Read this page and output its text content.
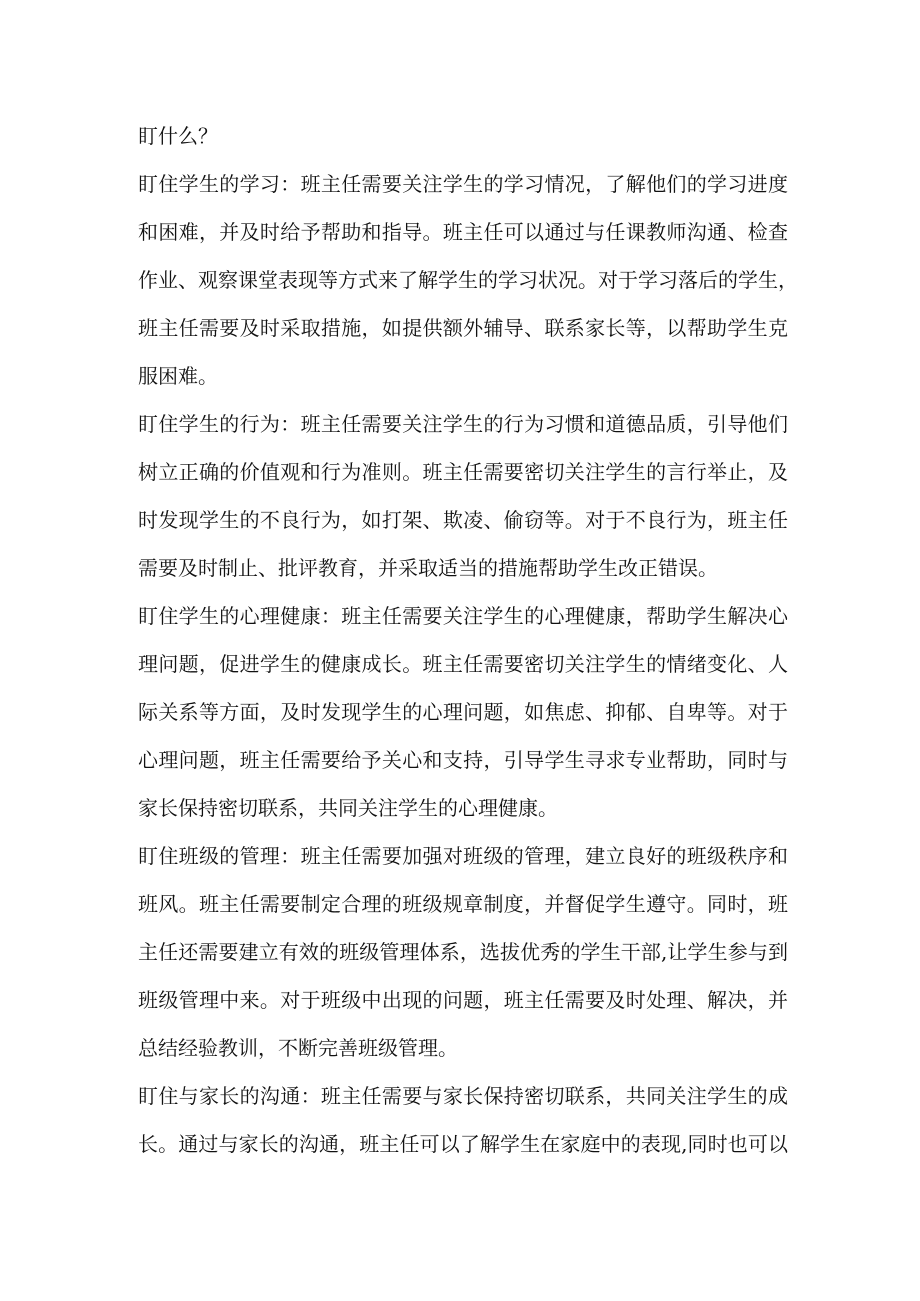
盯什么？

盯住学生的学习：班主任需要关注学生的学习情况，了解他们的学习进度

和困难，并及时给予帮助和指导。班主任可以通过与任课教师沟通、检查

作业、观察课堂表现等方式来了解学生的学习状况。对于学习落后的学生，

班主任需要及时采取措施，如提供额外辅导、联系家长等，以帮助学生克

服困难。

盯住学生的行为：班主任需要关注学生的行为习惯和道德品质，引导他们

树立正确的价值观和行为准则。班主任需要密切关注学生的言行举止，及

时发现学生的不良行为，如打架、欺凌、偷窃等。对于不良行为，班主任

需要及时制止、批评教育，并采取适当的措施帮助学生改正错误。

盯住学生的心理健康：班主任需要关注学生的心理健康，帮助学生解决心

理问题，促进学生的健康成长。班主任需要密切关注学生的情绪变化、人

际关系等方面，及时发现学生的心理问题，如焦虑、抑郁、自卑等。对于

心理问题，班主任需要给予关心和支持，引导学生寻求专业帮助，同时与

家长保持密切联系，共同关注学生的心理健康。

盯住班级的管理：班主任需要加强对班级的管理，建立良好的班级秩序和

班风。班主任需要制定合理的班级规章制度，并督促学生遵守。同时，班

主任还需要建立有效的班级管理体系，选拔优秀的学生干部,让学生参与到

班级管理中来。对于班级中出现的问题，班主任需要及时处理、解决，并

总结经验教训，不断完善班级管理。

盯住与家长的沟通：班主任需要与家长保持密切联系，共同关注学生的成

长。通过与家长的沟通，班主任可以了解学生在家庭中的表现,同时也可以
